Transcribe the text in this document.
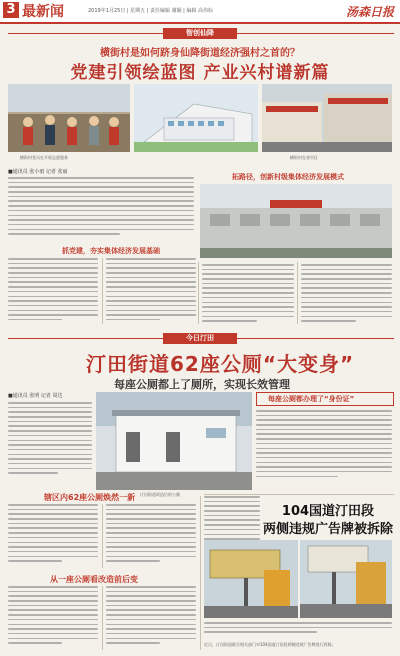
3 最新闻	2019年1月25日 | 星期五 | 责任编辑 谢颖 | 编辑 高伟标	汤森日报
智创仙降
横街村是如何跻身仙降街道经济强村之首的？
党建引领绘蓝图 产业兴村谱新篇
横街村党员在开展志愿服务	横街村在省市区
■通讯员 张小雨 记者 张丽
拓路径，创新村级集体经济发展模式
抓党建，夯实集体经济发展基础
今日汀田
汀田街道62座公厕“大变身”
每座公厕都上了厕所，实现长效管理
■通讯员 张明 记者 周达	每座公厕都办理了“身份证”
辖区内62座公厕焕然一新 汀田街道改造后的公厕
从一座公厕看改造前后变
104国道汀田段
两侧违规广告牌被拆除
近日，汀田街道联合相关部门对104国道汀田段两侧违规广告牌进行拆除。
